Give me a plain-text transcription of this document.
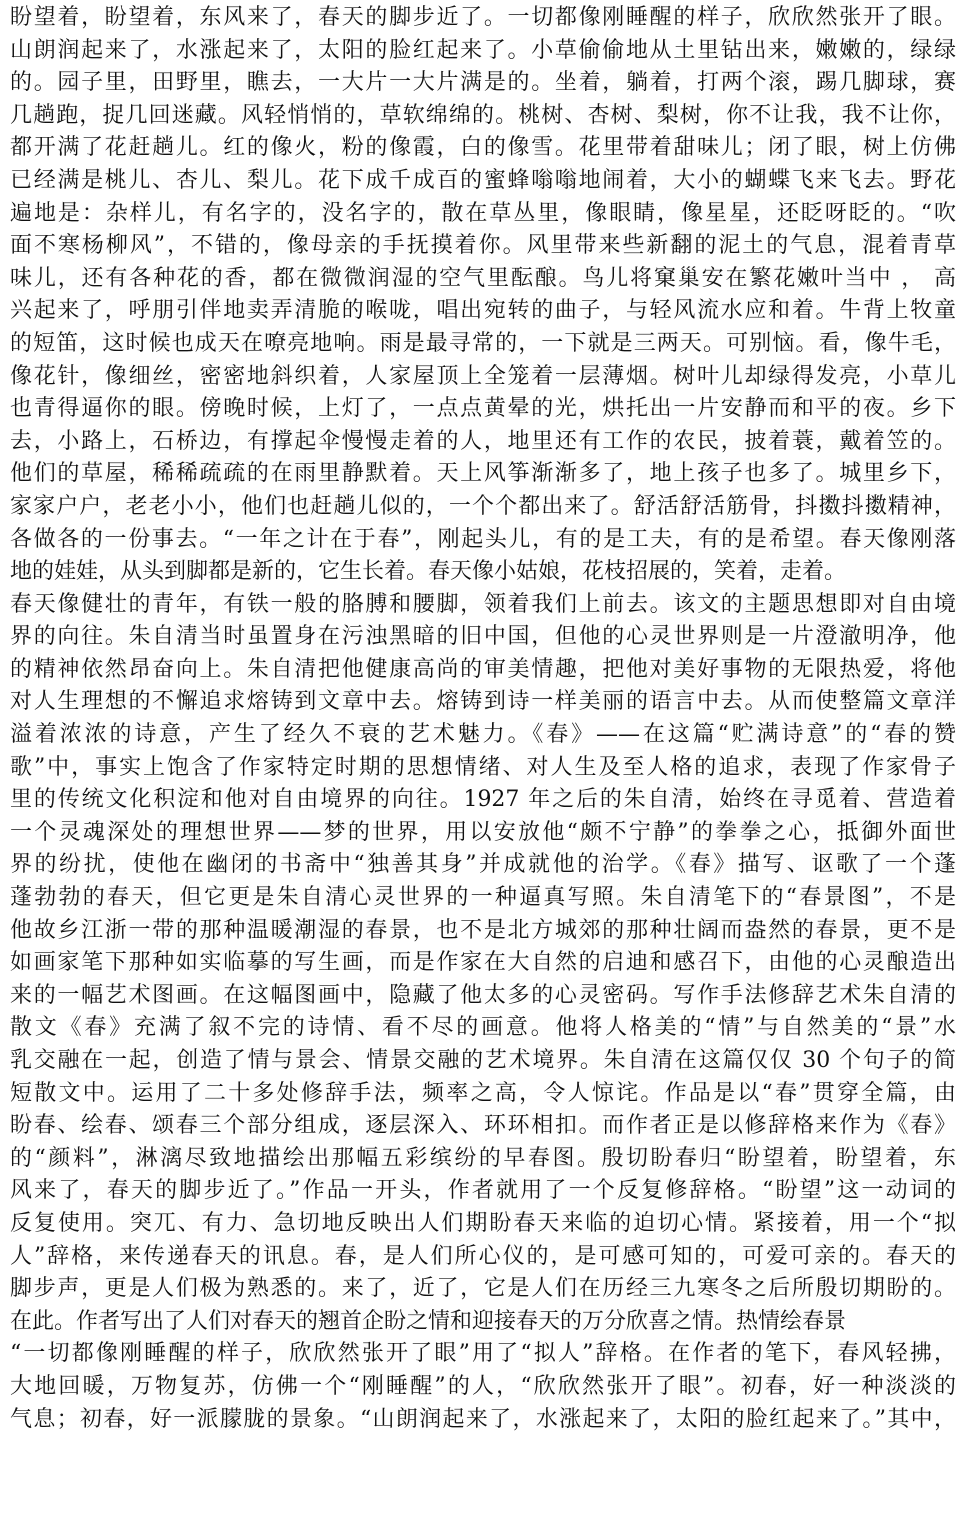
盼望着，盼望着，东风来了，春天的脚步近了。一切都像刚睡醒的样子，欣欣然张开了眼。
山朗润起来了，水涨起来了，太阳的脸红起来了。小草偷偷地从土里钻出来，嫩嫩的，绿绿
的。园子里，田野里，瞧去，一大片一大片满是的。坐着，躺着，打两个滚，踢几脚球，赛
几趟跑，捉几回迷藏。风轻悄悄的，草软绵绵的。桃树、杏树、梨树，你不让我，我不让你，
都开满了花赶趟儿。红的像火，粉的像霞，白的像雪。花里带着甜味儿；闭了眼，树上仿佛
已经满是桃儿、杏儿、梨儿。花下成千成百的蜜蜂嗡嗡地闹着，大小的蝴蝶飞来飞去。野花
遍地是：杂样儿，有名字的，没名字的，散在草丛里，像眼睛，像星星，还眨呀眨的。“吹
面不寒杨柳风”，不错的，像母亲的手抚摸着你。风里带来些新翻的泥土的气息，混着青草
味儿，还有各种花的香，都在微微润湿的空气里酝酿。鸟儿将窠巢安在繁花嫩叶当中 ， 高
兴起来了，呼朋引伴地卖弄清脆的喉咙，唱出宛转的曲子，与轻风流水应和着。牛背上牧童
的短笛，这时候也成天在嘹亮地响。雨是最寻常的，一下就是三两天。可别恼。看，像牛毛，
像花针，像细丝，密密地斜织着，人家屋顶上全笼着一层薄烟。树叶儿却绿得发亮，小草儿
也青得逼你的眼。傍晚时候，上灯了，一点点黄晕的光，烘托出一片安静而和平的夜。乡下
去，小路上，石桥边，有撑起伞慢慢走着的人，地里还有工作的农民，披着蓑，戴着笠的。
他们的草屋，稀稀疏疏的在雨里静默着。天上风筝渐渐多了，地上孩子也多了。城里乡下，
家家户户，老老小小，他们也赶趟儿似的，一个个都出来了。舒活舒活筋骨，抖擞抖擞精神，
各做各的一份事去。“一年之计在于春”，刚起头儿，有的是工夫，有的是希望。春天像刚落
地的娃娃，从头到脚都是新的，它生长着。春天像小姑娘，花枝招展的，笑着，走着。
春天像健壮的青年，有铁一般的胳膊和腰脚，领着我们上前去。该文的主题思想即对自由境
界的向往。朱自清当时虽置身在污浊黑暗的旧中国，但他的心灵世界则是一片澄澈明净，他
的精神依然昂奋向上。朱自清把他健康高尚的审美情趣，把他对美好事物的无限热爱，将他
对人生理想的不懈追求熔铸到文章中去。熔铸到诗一样美丽的语言中去。从而使整篇文章洋
溢着浓浓的诗意，产生了经久不衰的艺术魅力。《春》——在这篇“贮满诗意”的“春的赞
歌”中，事实上饱含了作家特定时期的思想情绪、对人生及至人格的追求，表现了作家骨子
里的传统文化积淀和他对自由境界的向往。1927 年之后的朱自清，始终在寻觅着、营造着
一个灵魂深处的理想世界——梦的世界，用以安放他“颇不宁静”的拳拳之心，抵御外面世
界的纷扰，使他在幽闭的书斋中“独善其身”并成就他的治学。《春》描写、讴歌了一个蓬
蓬勃勃的春天，但它更是朱自清心灵世界的一种逼真写照。朱自清笔下的“春景图”，不是
他故乡江浙一带的那种温暖潮湿的春景，也不是北方城郊的那种壮阔而盎然的春景，更不是
如画家笔下那种如实临摹的写生画，而是作家在大自然的启迪和感召下，由他的心灵酿造出
来的一幅艺术图画。在这幅图画中，隐藏了他太多的心灵密码。写作手法修辞艺术朱自清的
散文《春》充满了叙不完的诗情、看不尽的画意。他将人格美的“情”与自然美的“景”水
乳交融在一起，创造了情与景会、情景交融的艺术境界。朱自清在这篇仅仅 30 个句子的简
短散文中。运用了二十多处修辞手法，频率之高，令人惊诧。作品是以“春”贯穿全篇，由
盼春、绘春、颂春三个部分组成，逐层深入、环环相扣。而作者正是以修辞格来作为《春》
的“颜料”，淋漓尽致地描绘出那幅五彩缤纷的早春图。殷切盼春归“盼望着，盼望着，东
风来了，春天的脚步近了。”作品一开头，作者就用了一个反复修辞格。“盼望”这一动词的
反复使用。突兀、有力、急切地反映出人们期盼春天来临的迫切心情。紧接着，用一个“拟
人”辞格，来传递春天的讯息。春，是人们所心仪的，是可感可知的，可爱可亲的。春天的
脚步声，更是人们极为熟悉的。来了，近了，它是人们在历经三九寒冬之后所殷切期盼的。
在此。作者写出了人们对春天的翘首企盼之情和迎接春天的万分欣喜之情。热情绘春景
“一切都像刚睡醒的样子，欣欣然张开了眼”用了“拟人”辞格。在作者的笔下，春风轻拂，
大地回暖，万物复苏，仿佛一个“刚睡醒”的人，“欣欣然张开了眼”。初春，好一种淡淡的
气息；初春，好一派朦胧的景象。“山朗润起来了，水涨起来了，太阳的脸红起来了。”其中，
